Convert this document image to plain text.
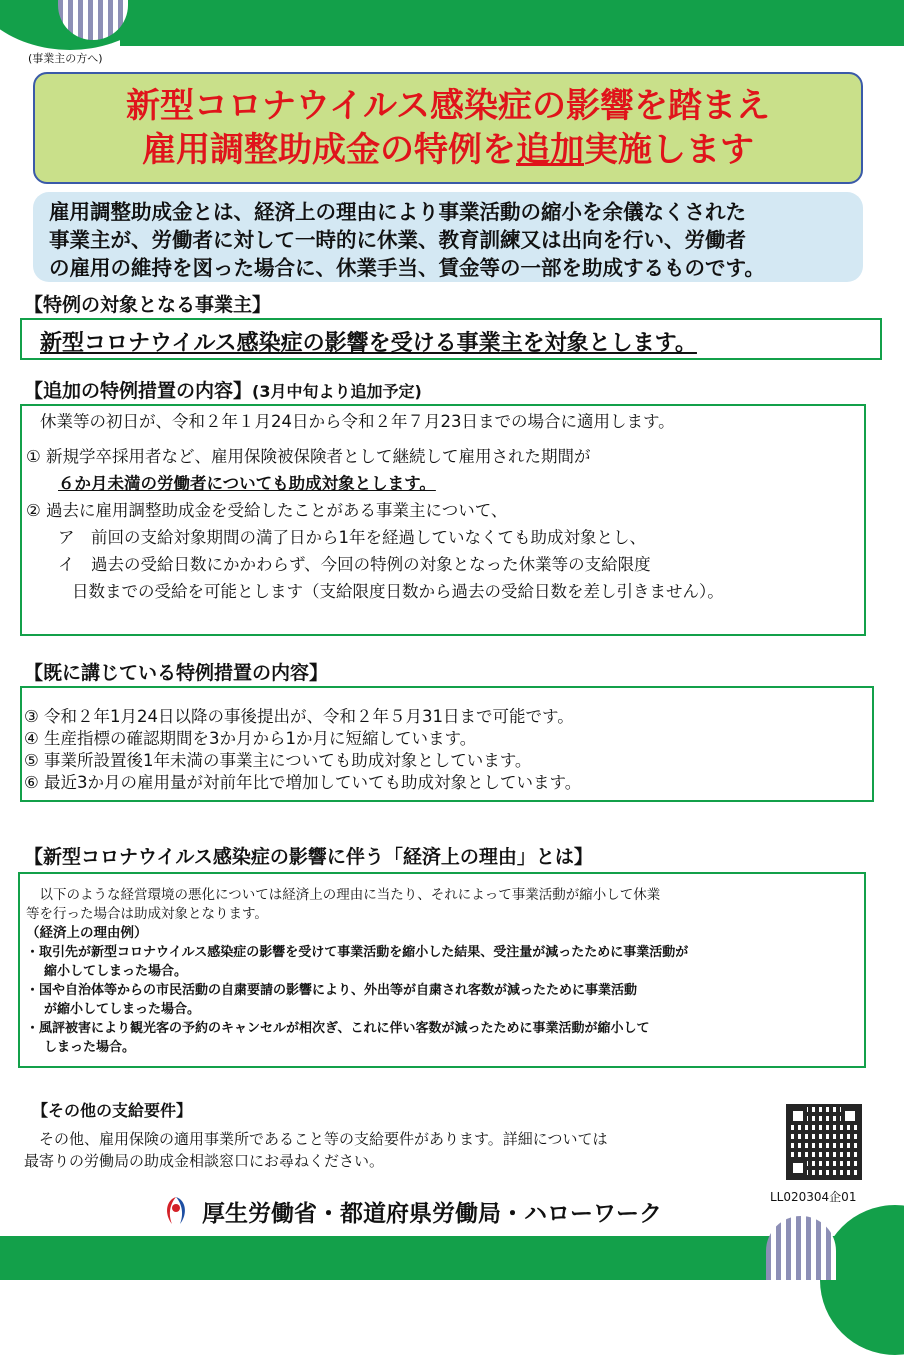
(事業主の方へ)
新型コロナウイルス感染症の影響を踏まえ
雇用調整助成金の特例を追加実施します
雇用調整助成金とは、経済上の理由により事業活動の縮小を余儀なくされた
事業主が、労働者に対して一時的に休業、教育訓練又は出向を行い、労働者
の雇用の維持を図った場合に、休業手当、賃金等の一部を助成するものです。
【特例の対象となる事業主】
新型コロナウイルス感染症の影響を受ける事業主を対象とします。
【追加の特例措置の内容】(3月中旬より追加予定)
休業等の初日が、令和２年１月24日から令和２年７月23日までの場合に適用します。
① 新規学卒採用者など、雇用保険被保険者として継続して雇用された期間が
６か月未満の労働者についても助成対象とします。
② 過去に雇用調整助成金を受給したことがある事業主について、
ア　前回の支給対象期間の満了日から1年を経過していなくても助成対象とし、
イ　過去の受給日数にかかわらず、今回の特例の対象となった休業等の支給限度
日数までの受給を可能とします（支給限度日数から過去の受給日数を差し引きません）。
【既に講じている特例措置の内容】
③ 令和２年1月24日以降の事後提出が、令和２年５月31日まで可能です。
④ 生産指標の確認期間を3か月から1か月に短縮しています。
⑤ 事業所設置後1年未満の事業主についても助成対象としています。
⑥ 最近3か月の雇用量が対前年比で増加していても助成対象としています。
【新型コロナウイルス感染症の影響に伴う「経済上の理由」とは】
　以下のような経営環境の悪化については経済上の理由に当たり、それによって事業活動が縮小して休業
等を行った場合は助成対象となります。
（経済上の理由例）
・取引先が新型コロナウイルス感染症の影響を受けて事業活動を縮小した結果、受注量が減ったために事業活動が
縮小してしまった場合。
・国や自治体等からの市民活動の自粛要請の影響により、外出等が自粛され客数が減ったために事業活動
が縮小してしまった場合。
・風評被害により観光客の予約のキャンセルが相次ぎ、これに伴い客数が減ったために事業活動が縮小して
しまった場合。
【その他の支給要件】
　その他、雇用保険の適用事業所であること等の支給要件があります。詳細については
最寄りの労働局の助成金相談窓口にお尋ねください。
LL020304企01
厚生労働省・都道府県労働局・ハローワーク
